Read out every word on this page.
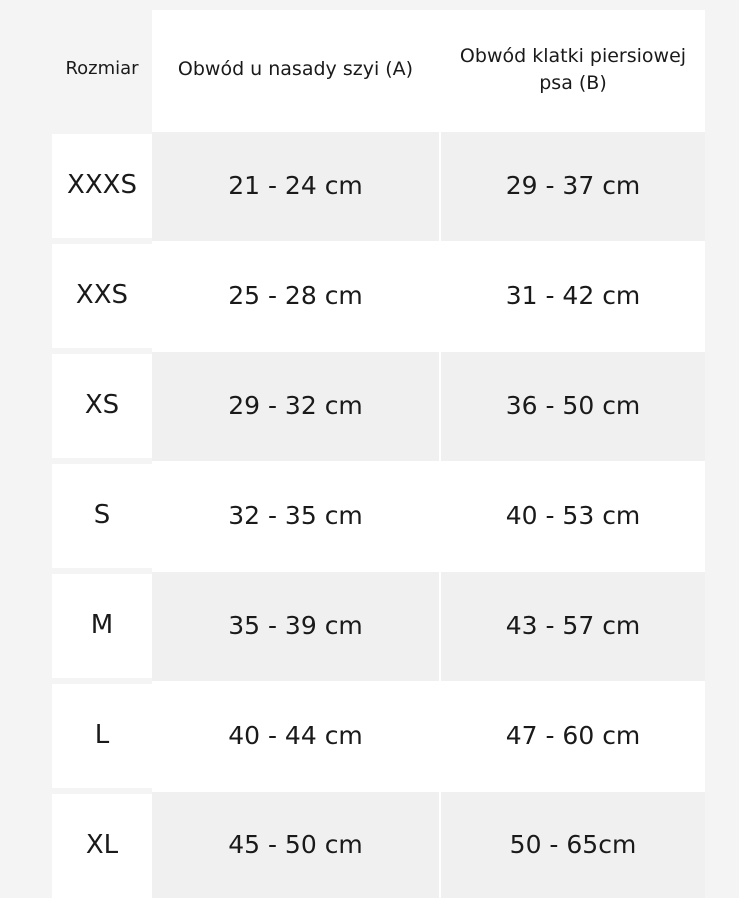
Rozmiar	Obwód u nasady szyi (A)	Obwód klatki piersiowej psa (B)
XXXS	21 - 24 cm	29 - 37 cm
XXS	25 - 28 cm	31 - 42 cm
XS	29 - 32 cm	36 - 50 cm
S	32 - 35 cm	40 - 53 cm
M	35 - 39 cm	43 - 57 cm
L	40 - 44 cm	47 - 60 cm
XL	45 - 50 cm	50 - 65cm
